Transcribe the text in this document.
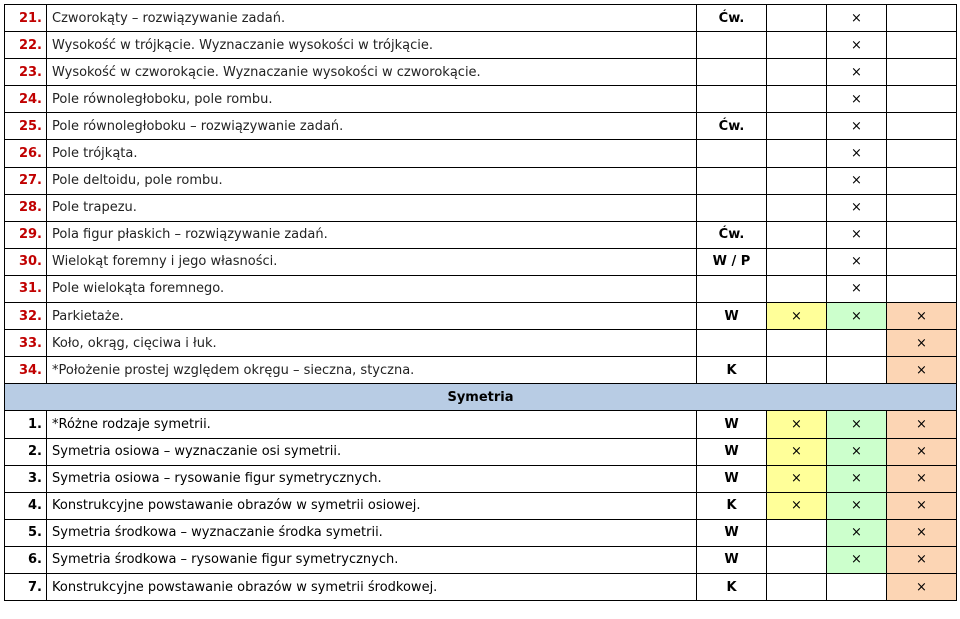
21.	Czworokąty – rozwiązywanie zadań.	Ćw.		×	
22.	Wysokość w trójkącie. Wyznaczanie wysokości w trójkącie.			×	
23.	Wysokość w czworokącie. Wyznaczanie wysokości w czworokącie.			×	
24.	Pole równoległoboku, pole rombu.			×	
25.	Pole równoległoboku – rozwiązywanie zadań.	Ćw.		×	
26.	Pole trójkąta.			×	
27.	Pole deltoidu, pole rombu.			×	
28.	Pole trapezu.			×	
29.	Pola figur płaskich – rozwiązywanie zadań.	Ćw.		×	
30.	Wielokąt foremny i jego własności.	W / P		×	
31.	Pole wielokąta foremnego.			×	
32.	Parkietaże.	W	×	×	×
33.	Koło, okrąg, cięciwa i łuk.				×
34.	*Położenie prostej względem okręgu – sieczna, styczna.	K			×
Symetria					
1.	*Różne rodzaje symetrii.	W	×	×	×
2.	Symetria osiowa – wyznaczanie osi symetrii.	W	×	×	×
3.	Symetria osiowa – rysowanie figur symetrycznych.	W	×	×	×
4.	Konstrukcyjne powstawanie obrazów w symetrii osiowej.	K	×	×	×
5.	Symetria środkowa – wyznaczanie środka symetrii.	W		×	×
6.	Symetria środkowa – rysowanie figur symetrycznych.	W		×	×
7.	Konstrukcyjne powstawanie obrazów w symetrii środkowej.	K			×
